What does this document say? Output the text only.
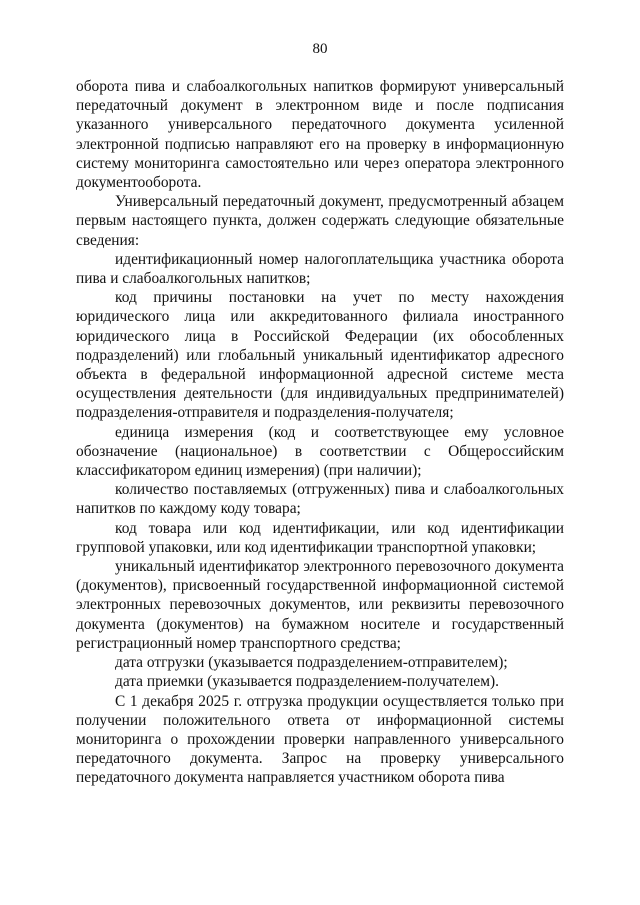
80

оборота пива и слабоалкогольных напитков формируют универсальный передаточный документ в электронном виде и после подписания указанного универсального передаточного документа усиленной электронной подписью направляют его на проверку в информационную систему мониторинга самостоятельно или через оператора электронного документооборота.

Универсальный передаточный документ, предусмотренный абзацем первым настоящего пункта, должен содержать следующие обязательные сведения:

идентификационный номер налогоплательщика участника оборота пива и слабоалкогольных напитков;

код причины постановки на учет по месту нахождения юридического лица или аккредитованного филиала иностранного юридического лица в Российской Федерации (их обособленных подразделений) или глобальный уникальный идентификатор адресного объекта в федеральной информационной адресной системе места осуществления деятельности (для индивидуальных предпринимателей) подразделения-отправителя и подразделения-получателя;

единица измерения (код и соответствующее ему условное обозначение (национальное) в соответствии с Общероссийским классификатором единиц измерения) (при наличии);

количество поставляемых (отгруженных) пива и слабоалкогольных напитков по каждому коду товара;

код товара или код идентификации, или код идентификации групповой упаковки, или код идентификации транспортной упаковки;

уникальный идентификатор электронного перевозочного документа (документов), присвоенный государственной информационной системой электронных перевозочных документов, или реквизиты перевозочного документа (документов) на бумажном носителе и государственный регистрационный номер транспортного средства;

дата отгрузки (указывается подразделением-отправителем);

дата приемки (указывается подразделением-получателем).

С 1 декабря 2025 г. отгрузка продукции осуществляется только при получении положительного ответа от информационной системы мониторинга о прохождении проверки направленного универсального передаточного документа. Запрос на проверку универсального передаточного документа направляется участником оборота пива
